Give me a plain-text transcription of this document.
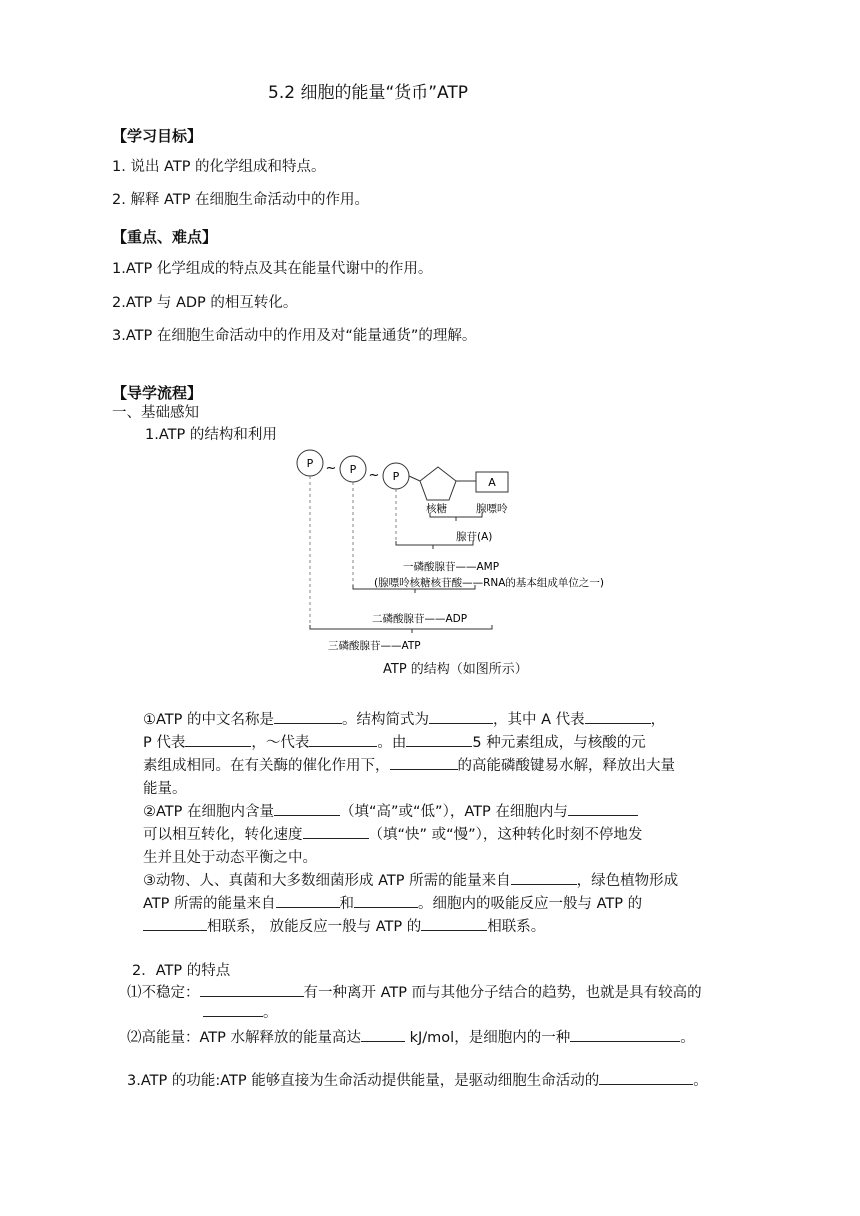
5.2 细胞的能量“货币”ATP
【学习目标】
1. 说出 ATP 的化学组成和特点。
2. 解释 ATP 在细胞生命活动中的作用。
【重点、难点】
1.ATP 化学组成的特点及其在能量代谢中的作用。
2.ATP 与 ADP 的相互转化。
3.ATP 在细胞生命活动中的作用及对“能量通货”的理解。
【导学流程】
一、基础感知
1.ATP 的结构和利用
P	P
P
~ ~	A
核糖	腺嘌呤
腺苷(A)
一磷酸腺苷——AMP
(腺嘌呤核糖核苷酸——RNA的基本组成单位之一)
二磷酸腺苷——ADP
三磷酸腺苷——ATP
ATP 的结构（如图所示）
①ATP 的中文名称是	。结构简式为	，其中 A 代表	，
P 代表	，～代表	。由	5 种元素组成，与核酸的元
素组成相同。在有关酶的催化作用下，	的高能磷酸键易水解，释放出大量
能量。
②ATP 在细胞内含量	（填“高”或“低”），ATP 在细胞内与
可以相互转化，转化速度	（填“快” 或“慢”），这种转化时刻不停地发
生并且处于动态平衡之中。
③动物、人、真菌和大多数细菌形成 ATP 所需的能量来自	，绿色植物形成
ATP 所需的能量来自	和	。细胞内的吸能反应一般与 ATP 的
相联系， 放能反应一般与 ATP 的	相联系。
2．ATP 的特点
⑴不稳定：	有一种离开 ATP 而与其他分子结合的趋势，也就是具有较高的
。
⑵高能量：ATP 水解释放的能量高达	kJ/mol，是细胞内的一种	。
3.ATP 的功能:ATP 能够直接为生命活动提供能量，是驱动细胞生命活动的	。
